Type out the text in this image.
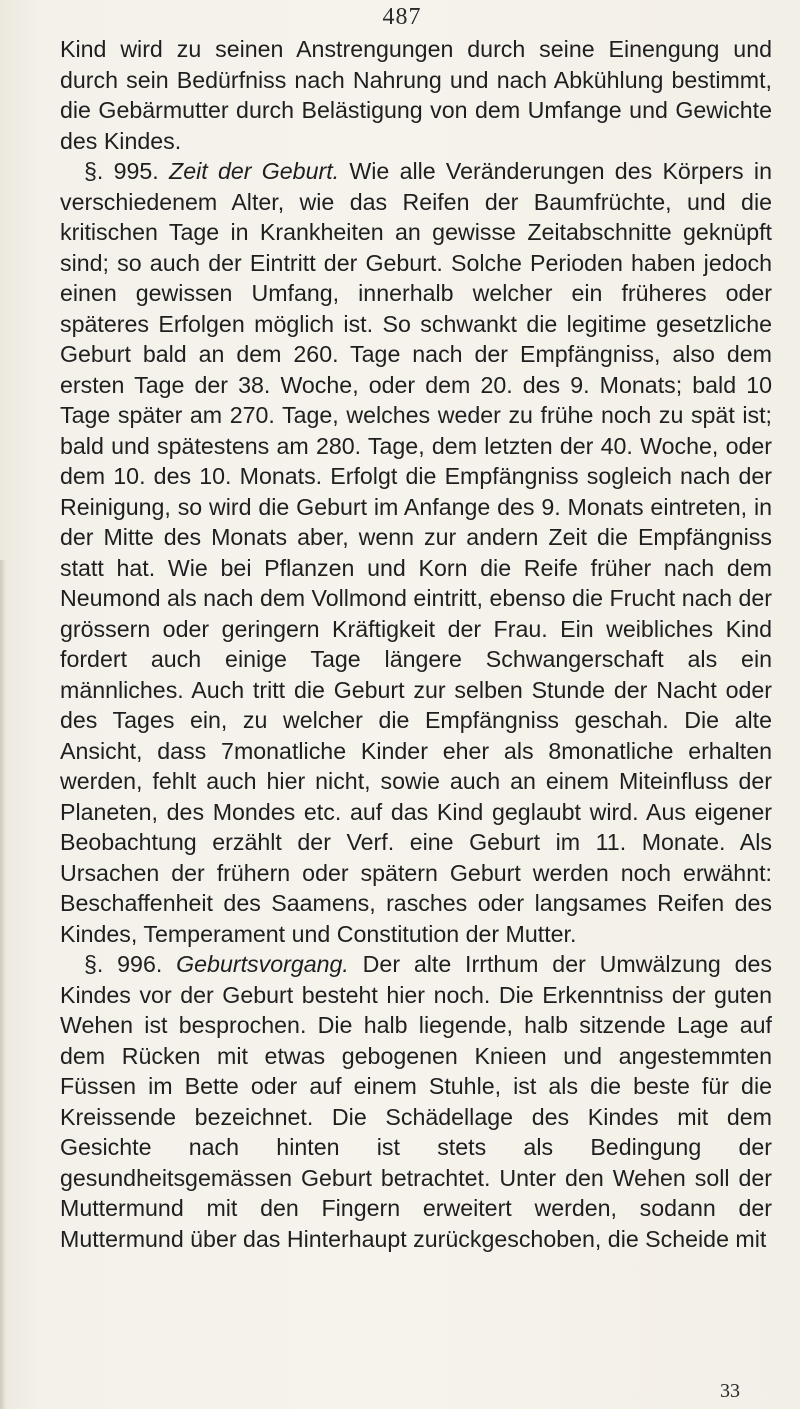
487

Kind wird zu seinen Anstrengungen durch seine Einengung und durch sein Bedürfniss nach Nahrung und nach Abkühlung bestimmt, die Gebärmutter durch Belästigung von dem Umfange und Gewichte des Kindes.

§. 995. Zeit der Geburt. Wie alle Veränderungen des Körpers in verschiedenem Alter, wie das Reifen der Baumfrüchte, und die kritischen Tage in Krankheiten an gewisse Zeitabschnitte geknüpft sind; so auch der Eintritt der Geburt. Solche Perioden haben jedoch einen gewissen Umfang, innerhalb welcher ein früheres oder späteres Erfolgen möglich ist. So schwankt die legitime gesetzliche Geburt bald an dem 260. Tage nach der Empfängniss, also dem ersten Tage der 38. Woche, oder dem 20. des 9. Monats; bald 10 Tage später am 270. Tage, welches weder zu frühe noch zu spät ist; bald und spätestens am 280. Tage, dem letzten der 40. Woche, oder dem 10. des 10. Monats. Erfolgt die Empfängniss sogleich nach der Reinigung, so wird die Geburt im Anfange des 9. Monats eintreten, in der Mitte des Monats aber, wenn zur andern Zeit die Empfängniss statt hat. Wie bei Pflanzen und Korn die Reife früher nach dem Neumond als nach dem Vollmond eintritt, ebenso die Frucht nach der grössern oder geringern Kräftigkeit der Frau. Ein weibliches Kind fordert auch einige Tage längere Schwangerschaft als ein männliches. Auch tritt die Geburt zur selben Stunde der Nacht oder des Tages ein, zu welcher die Empfängniss geschah. Die alte Ansicht, dass 7monatliche Kinder eher als 8monatliche erhalten werden, fehlt auch hier nicht, sowie auch an einem Miteinfluss der Planeten, des Mondes etc. auf das Kind geglaubt wird. Aus eigener Beobachtung erzählt der Verf. eine Geburt im 11. Monate. Als Ursachen der frühern oder spätern Geburt werden noch erwähnt: Beschaffenheit des Saamens, rasches oder langsames Reifen des Kindes, Temperament und Constitution der Mutter.

§. 996. Geburtsvorgang. Der alte Irrthum der Umwälzung des Kindes vor der Geburt besteht hier noch. Die Erkenntniss der guten Wehen ist besprochen. Die halb liegende, halb sitzende Lage auf dem Rücken mit etwas gebogenen Knieen und angestemmten Füssen im Bette oder auf einem Stuhle, ist als die beste für die Kreissende bezeichnet. Die Schädellage des Kindes mit dem Gesichte nach hinten ist stets als Bedingung der gesundheitsgemässen Geburt betrachtet. Unter den Wehen soll der Muttermund mit den Fingern erweitert werden, sodann der Muttermund über das Hinterhaupt zurückgeschoben, die Scheide mit

33
